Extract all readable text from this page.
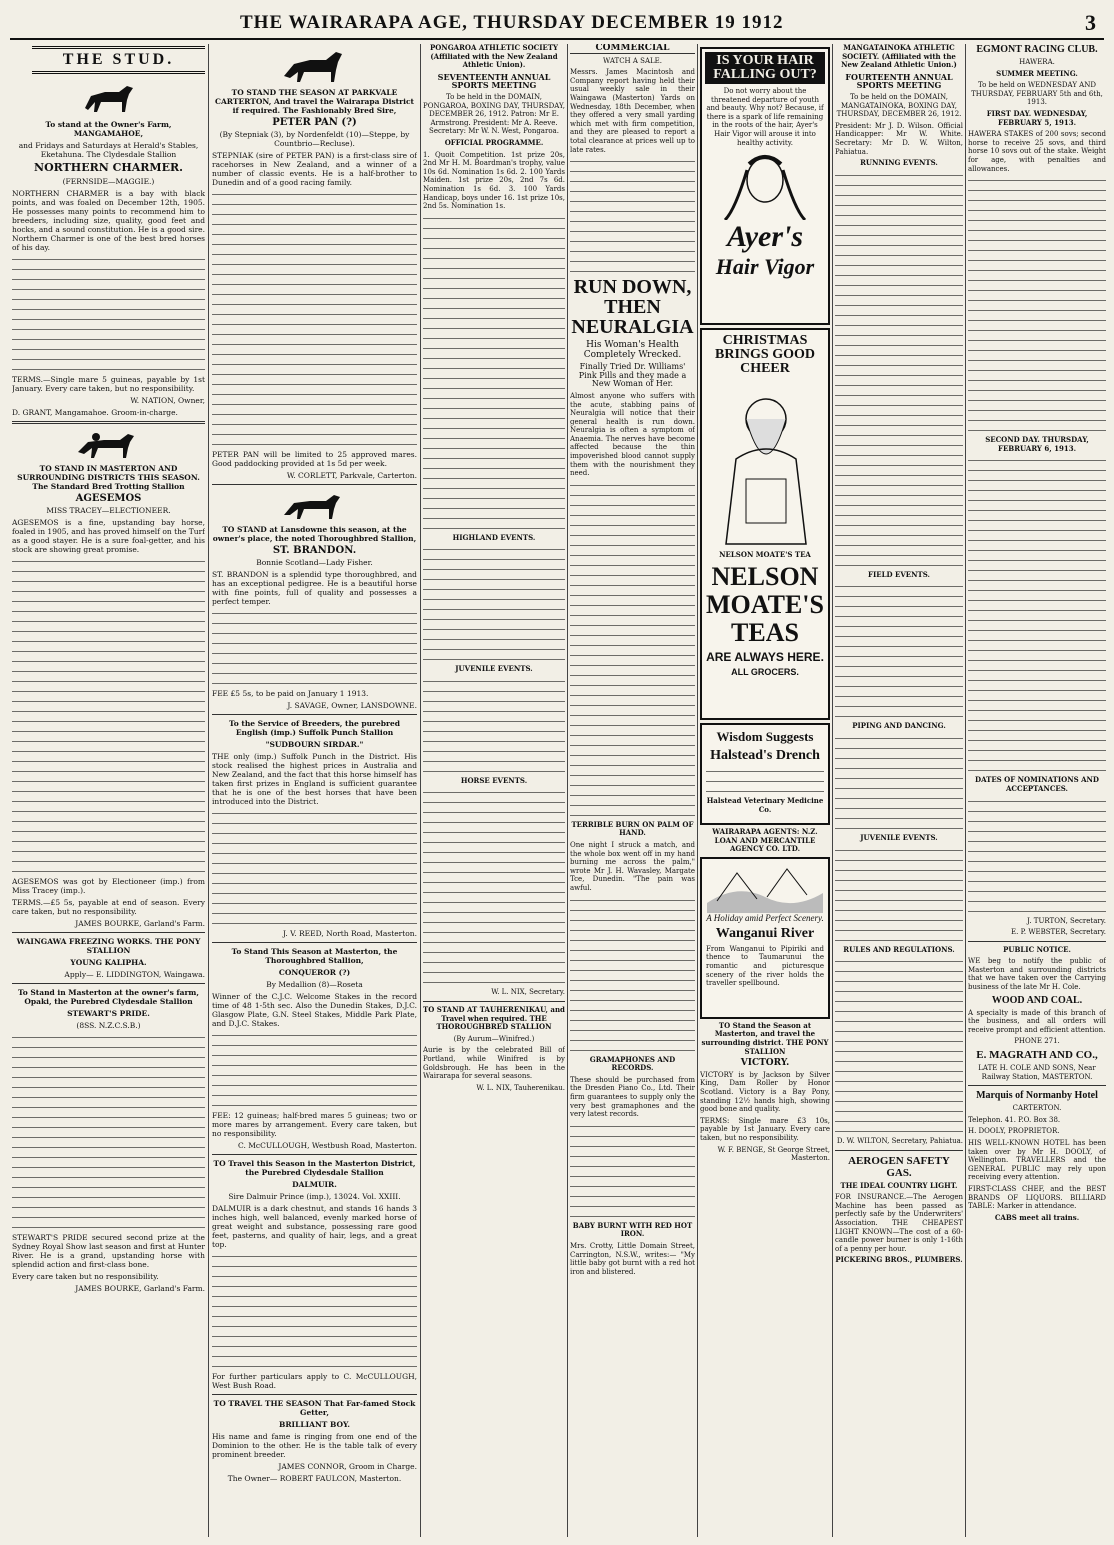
THE WAIRARAPA AGE, THURSDAY DECEMBER 19 1912	3
THE STUD.

To stand at the Owner's Farm, MANGAMAHOE,

and Fridays and Saturdays at Herald's Stables, Eketahuna. The Clydesdale Stallion

NORTHERN CHARMER.

(FERNSIDE—MAGGIE.)

NORTHERN CHARMER is a bay with black points, and was foaled on December 12th, 1905. He possesses many points to recommend him to breeders, including size, quality, good feet and hocks, and a sound constitution. He is a good sire. Northern Charmer is one of the best bred horses of his day.

TERMS.—Single mare 5 guineas, payable by 1st January. Every care taken, but no responsibility.

W. NATION, Owner,

D. GRANT, Mangamahoe. Groom-in-charge.

TO STAND IN MASTERTON AND SURROUNDING DISTRICTS THIS SEASON. The Standard Bred Trotting Stallion

AGESEMOS

MISS TRACEY—ELECTIONEER.

AGESEMOS is a fine, upstanding bay horse, foaled in 1905, and has proved himself on the Turf as a good stayer. He is a sure foal-getter, and his stock are showing great promise.

AGESEMOS was got by Electioneer (imp.) from Miss Tracey (imp.).

TERMS.—£5 5s, payable at end of season. Every care taken, but no responsibility.

JAMES BOURKE, Garland's Farm.

WAINGAWA FREEZING WORKS. THE PONY STALLION

YOUNG KALIPHA.

Apply— E. LIDDINGTON, Waingawa.

To Stand in Masterton at the owner's farm, Opaki, the Purebred Clydesdale Stallion

STEWART'S PRIDE.

(8SS. N.Z.C.S.B.)

STEWART'S PRIDE secured second prize at the Sydney Royal Show last season and first at Hunter River. He is a grand, upstanding horse with splendid action and first-class bone.

Every care taken but no responsibility.

JAMES BOURKE, Garland's Farm.

TO STAND THE SEASON AT PARKVALE CARTERTON, And travel the Wairarapa District if required. The Fashionably Bred Sire,

PETER PAN (?)

(By Stepniak (3), by Nordenfeldt (10)—Steppe, by Countbrio—Recluse).

STEPNIAK (sire of PETER PAN) is a first-class sire of racehorses in New Zealand, and a winner of a number of classic events. He is a half-brother to Dunedin and of a good racing family.

PETER PAN will be limited to 25 approved mares. Good paddocking provided at 1s 5d per week.

W. CORLETT, Parkvale, Carterton.

TO STAND at Lansdowne this season, at the owner's place, the noted Thoroughbred Stallion,

ST. BRANDON.

Bonnie Scotland—Lady Fisher.

ST. BRANDON is a splendid type thoroughbred, and has an exceptional pedigree. He is a beautiful horse with fine points, full of quality and possesses a perfect temper.

FEE £5 5s, to be paid on January 1 1913.

J. SAVAGE, Owner, LANSDOWNE.

To the Service of Breeders, the purebred English (imp.) Suffolk Punch Stallion

"SUDBOURN SIRDAR."

THE only (imp.) Suffolk Punch in the District. His stock realised the highest prices in Australia and New Zealand, and the fact that this horse himself has taken first prizes in England is sufficient guarantee that he is one of the best horses that have been introduced into the District.

J. V. REED, North Road, Masterton.

To Stand This Season at Masterton, the Thoroughbred Stallion,

CONQUEROR (?)

By Medallion (8)—Roseta

Winner of the C.J.C. Welcome Stakes in the record time of 48 1-5th sec. Also the Dunedin Stakes, D.J.C. Glasgow Plate, G.N. Steel Stakes, Middle Park Plate, and D.J.C. Stakes.

FEE: 12 guineas; half-bred mares 5 guineas; two or more mares by arrangement. Every care taken, but no responsibility.

C. McCULLOUGH, Westbush Road, Masterton.

TO Travel this Season in the Masterton District, the Purebred Clydesdale Stallion

DALMUIR.

Sire Dalmuir Prince (imp.), 13024. Vol. XXIII.

DALMUIR is a dark chestnut, and stands 16 hands 3 inches high, well balanced, evenly marked horse of great weight and substance, possessing rare good feet, pasterns, and quality of hair, legs, and a great top.

For further particulars apply to C. McCULLOUGH, West Bush Road.

TO TRAVEL THE SEASON That Far-famed Stock Getter,

BRILLIANT BOY.

His name and fame is ringing from one end of the Dominion to the other. He is the table talk of every prominent breeder.

JAMES CONNOR, Groom in Charge.

The Owner— ROBERT FAULCON, Masterton.

PONGAROA ATHLETIC SOCIETY (Affiliated with the New Zealand Athletic Union).

SEVENTEENTH ANNUAL SPORTS MEETING

To be held in the DOMAIN, PONGAROA, BOXING DAY, THURSDAY, DECEMBER 26, 1912. Patron: Mr E. Armstrong. President: Mr A. Reeve. Secretary: Mr W. N. West, Pongaroa.

OFFICIAL PROGRAMME.

1. Quoit Competition. 1st prize 20s, 2nd Mr H. M. Boardman's trophy, value 10s 6d. Nomination 1s 6d. 2. 100 Yards Maiden. 1st prize 20s, 2nd 7s 6d. Nomination 1s 6d. 3. 100 Yards Handicap, boys under 16. 1st prize 10s, 2nd 5s. Nomination 1s.

HIGHLAND EVENTS.

JUVENILE EVENTS.

HORSE EVENTS.

W. L. NIX, Secretary.

TO STAND AT TAUHERENIKAU, and Travel when required. THE THOROUGHBRED STALLION

(By Aurum—Winifred.)

Aurie is by the celebrated Bill of Portland, while Winifred is by Goldsbrough. He has been in the Wairarapa for several seasons.

W. L. NIX, Tauherenikau.

COMMERCIAL

WATCH A SALE.

Messrs. James Macintosh and Company report having held their usual weekly sale in their Waingawa (Masterton) Yards on Wednesday, 18th December, when they offered a very small yarding which met with firm competition, and they are pleased to report a total clearance at prices well up to late rates.

RUN DOWN, THEN NEURALGIA

His Woman's Health Completely Wrecked.

Finally Tried Dr. Williams' Pink Pills and they made a New Woman of Her.

Almost anyone who suffers with the acute, stabbing pains of Neuralgia will notice that their general health is run down. Neuralgia is often a symptom of Anaemia. The nerves have become affected because the thin impoverished blood cannot supply them with the nourishment they need.

TERRIBLE BURN ON PALM OF HAND.

One night I struck a match, and the whole box went off in my hand burning me across the palm," wrote Mr J. H. Wavasley, Margate Tce, Dunedin. "The pain was awful.

GRAMAPHONES AND RECORDS.

These should be purchased from the Dresden Piano Co., Ltd. Their firm guarantees to supply only the very best gramaphones and the very latest records.

BABY BURNT WITH RED HOT IRON.

Mrs. Crotty, Little Domain Street, Carrington, N.S.W., writes:— "My little baby got burnt with a red hot iron and blistered.

IS YOUR HAIR FALLING OUT?

Do not worry about the threatened departure of youth and beauty. Why not? Because, if there is a spark of life remaining in the roots of the hair, Ayer's Hair Vigor will arouse it into healthy activity.

Ayer's

Hair Vigor

CHRISTMAS BRINGS GOOD CHEER

NELSON MOATE'S TEA

NELSON MOATE'S TEAS

ARE ALWAYS HERE.

ALL GROCERS.

Wisdom Suggests

Halstead's Drench

Halstead Veterinary Medicine Co.

WAIRARAPA AGENTS: N.Z. LOAN AND MERCANTILE AGENCY CO. LTD.

A Holiday amid Perfect Scenery.

Wanganui River

From Wanganui to Pipiriki and thence to Taumarunui the romantic and picturesque scenery of the river holds the traveller spellbound.

TO Stand the Season at Masterton, and travel the surrounding district. THE PONY STALLION

VICTORY.

VICTORY is by Jackson by Silver King, Dam Roller by Honor Scotland. Victory is a Bay Pony, standing 12½ hands high, showing good bone and quality.

TERMS: Single mare £3 10s, payable by 1st January. Every care taken, but no responsibility.

W. F. BENGE, St George Street, Masterton.

MANGATAINOKA ATHLETIC SOCIETY. (Affiliated with the New Zealand Athletic Union.)

FOURTEENTH ANNUAL SPORTS MEETING

To be held on the DOMAIN, MANGATAINOKA, BOXING DAY, THURSDAY, DECEMBER 26, 1912.

President: Mr J. D. Wilson. Official Handicapper: Mr W. White. Secretary: Mr D. W. Wilton, Pahiatua.

RUNNING EVENTS.

FIELD EVENTS.

PIPING AND DANCING.

JUVENILE EVENTS.

RULES AND REGULATIONS.

D. W. WILTON, Secretary, Pahiatua.

AEROGEN SAFETY GAS.

THE IDEAL COUNTRY LIGHT.

FOR INSURANCE.—The Aerogen Machine has been passed as perfectly safe by the Underwriters' Association. THE CHEAPEST LIGHT KNOWN—The cost of a 60-candle power burner is only 1-16th of a penny per hour.

PICKERING BROS., PLUMBERS.

EGMONT RACING CLUB.

HAWERA.

SUMMER MEETING.

To be held on WEDNESDAY AND THURSDAY, FEBRUARY 5th and 6th, 1913.

FIRST DAY. WEDNESDAY, FEBRUARY 5, 1913.

HAWERA STAKES of 200 sovs; second horse to receive 25 sovs, and third horse 10 sovs out of the stake. Weight for age, with penalties and allowances.

SECOND DAY. THURSDAY, FEBRUARY 6, 1913.

DATES OF NOMINATIONS AND ACCEPTANCES.

J. TURTON, Secretary.

E. P. WEBSTER, Secretary.

PUBLIC NOTICE.

WE beg to notify the public of Masterton and surrounding districts that we have taken over the Carrying business of the late Mr H. Cole.

WOOD AND COAL.

A specialty is made of this branch of the business, and all orders will receive prompt and efficient attention.

PHONE 271.

E. MAGRATH AND CO.,

LATE H. COLE AND SONS, Near Railway Station, MASTERTON.

Marquis of Normanby Hotel

CARTERTON.

Telephon. 41. P.O. Box 38.

H. DOOLY, PROPRIETOR.

HIS WELL-KNOWN HOTEL has been taken over by Mr H. DOOLY, of Wellington. TRAVELLERS and the GENERAL PUBLIC may rely upon receiving every attention.

FIRST-CLASS CHEF, and the BEST BRANDS OF LIQUORS. BILLIARD TABLE: Marker in attendance.

CABS meet all trains.
